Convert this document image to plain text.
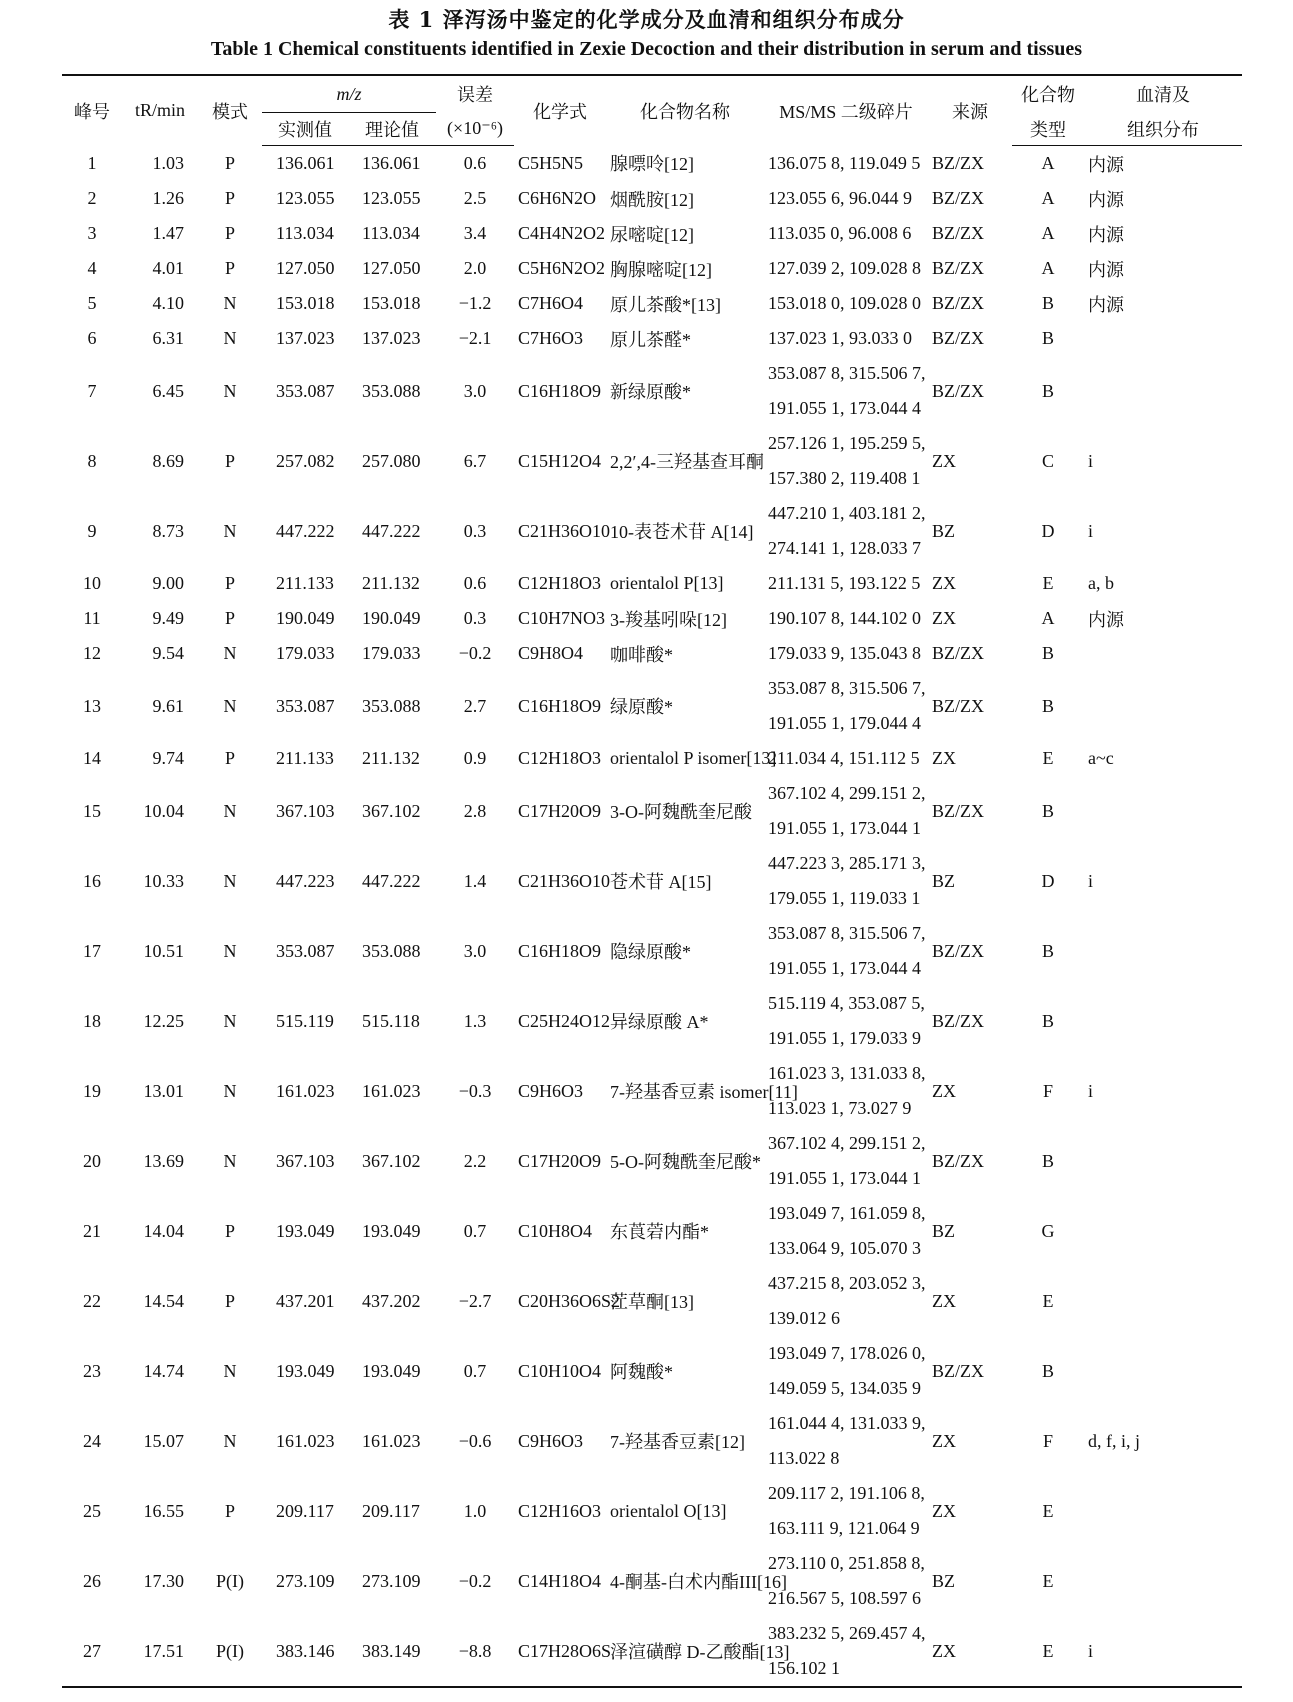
表 1 泽泻汤中鉴定的化学成分及血清和组织分布成分
Table 1 Chemical constituents identified in Zexie Decoction and their distribution in serum and tissues
峰号	tR/min	模式	m/z		误差	化学式	化合物名称	MS/MS 二级碎片	来源	化合物	血清及
			实测值	理论值	(×10⁻⁶)					类型	组织分布
1	1.03	P	136.061	136.061	0.6	C5H5N5	腺嘌呤[12]	136.075 8, 119.049 5	BZ/ZX	A	内源
2	1.26	P	123.055	123.055	2.5	C6H6N2O	烟酰胺[12]	123.055 6, 96.044 9	BZ/ZX	A	内源
3	1.47	P	113.034	113.034	3.4	C4H4N2O2	尿嘧啶[12]	113.035 0, 96.008 6	BZ/ZX	A	内源
4	4.01	P	127.050	127.050	2.0	C5H6N2O2	胸腺嘧啶[12]	127.039 2, 109.028 8	BZ/ZX	A	内源
5	4.10	N	153.018	153.018	−1.2	C7H6O4	原儿茶酸*[13]	153.018 0, 109.028 0	BZ/ZX	B	内源
6	6.31	N	137.023	137.023	−2.1	C7H6O3	原儿茶醛*	137.023 1, 93.033 0	BZ/ZX	B	
7	6.45	N	353.087	353.088	3.0	C16H18O9	新绿原酸*	353.087 8, 315.506 7,
191.055 1, 173.044 4	BZ/ZX	B	
8	8.69	P	257.082	257.080	6.7	C15H12O4	2,2′,4-三羟基查耳酮	257.126 1, 195.259 5,
157.380 2, 119.408 1	ZX	C	i
9	8.73	N	447.222	447.222	0.3	C21H36O10	10-表苍术苷 A[14]	447.210 1, 403.181 2,
274.141 1, 128.033 7	BZ	D	i
10	9.00	P	211.133	211.132	0.6	C12H18O3	orientalol P[13]	211.131 5, 193.122 5	ZX	E	a, b
11	9.49	P	190.049	190.049	0.3	C10H7NO3	3-羧基吲哚[12]	190.107 8, 144.102 0	ZX	A	内源
12	9.54	N	179.033	179.033	−0.2	C9H8O4	咖啡酸*	179.033 9, 135.043 8	BZ/ZX	B	
13	9.61	N	353.087	353.088	2.7	C16H18O9	绿原酸*	353.087 8, 315.506 7,
191.055 1, 179.044 4	BZ/ZX	B	
14	9.74	P	211.133	211.132	0.9	C12H18O3	orientalol P isomer[13]	211.034 4, 151.112 5	ZX	E	a~c
15	10.04	N	367.103	367.102	2.8	C17H20O9	3-O-阿魏酰奎尼酸	367.102 4, 299.151 2,
191.055 1, 173.044 1	BZ/ZX	B	
16	10.33	N	447.223	447.222	1.4	C21H36O10	苍术苷 A[15]	447.223 3, 285.171 3,
179.055 1, 119.033 1	BZ	D	i
17	10.51	N	353.087	353.088	3.0	C16H18O9	隐绿原酸*	353.087 8, 315.506 7,
191.055 1, 173.044 4	BZ/ZX	B	
18	12.25	N	515.119	515.118	1.3	C25H24O12	异绿原酸 A*	515.119 4, 353.087 5,
191.055 1, 179.033 9	BZ/ZX	B	
19	13.01	N	161.023	161.023	−0.3	C9H6O3	7-羟基香豆素 isomer[11]	161.023 3, 131.033 8,
113.023 1, 73.027 9	ZX	F	i
20	13.69	N	367.103	367.102	2.2	C17H20O9	5-O-阿魏酰奎尼酸*	367.102 4, 299.151 2,
191.055 1, 173.044 1	BZ/ZX	B	
21	14.04	P	193.049	193.049	0.7	C10H8O4	东莨菪内酯*	193.049 7, 161.059 8,
133.064 9, 105.070 3	BZ	G	
22	14.54	P	437.201	437.202	−2.7	C20H36O6S2	茳草酮[13]	437.215 8, 203.052 3,
139.012 6	ZX	E	
23	14.74	N	193.049	193.049	0.7	C10H10O4	阿魏酸*	193.049 7, 178.026 0,
149.059 5, 134.035 9	BZ/ZX	B	
24	15.07	N	161.023	161.023	−0.6	C9H6O3	7-羟基香豆素[12]	161.044 4, 131.033 9,
113.022 8	ZX	F	d, f, i, j
25	16.55	P	209.117	209.117	1.0	C12H16O3	orientalol O[13]	209.117 2, 191.106 8,
163.111 9, 121.064 9	ZX	E	
26	17.30	P(I)	273.109	273.109	−0.2	C14H18O4	4-酮基-白术内酯III[16]	273.110 0, 251.858 8,
216.567 5, 108.597 6	BZ	E	
27	17.51	P(I)	383.146	383.149	−8.8	C17H28O6S	泽渲磺醇 D-乙酸酯[13]	383.232 5, 269.457 4,
156.102 1	ZX	E	i
